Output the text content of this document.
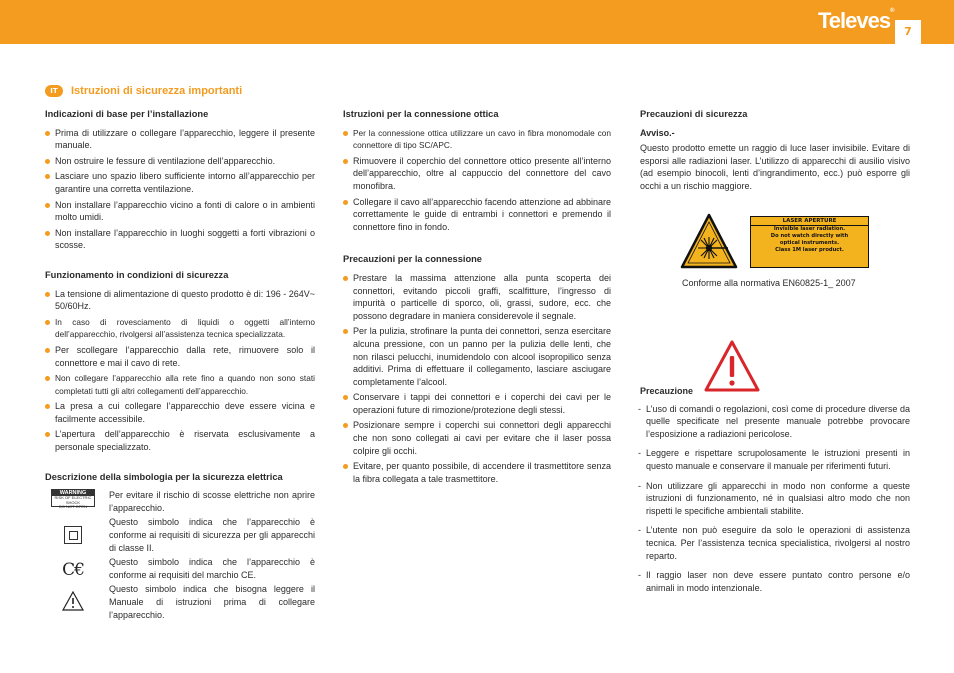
Televes®
7
IT	Istruzioni di sicurezza importanti
Indicazioni di base per l’installazione
Prima di utilizzare o collegare l’apparecchio, leggere il presente manuale.
Non ostruire le fessure di ventilazione dell’apparecchio.
Lasciare uno spazio libero sufficiente intorno all’apparecchio per garantire una corretta ventilazione.
Non installare l’apparecchio vicino a fonti di calore o in ambienti molto umidi.
Non installare l’apparecchio in luoghi soggetti a forti vibrazioni o scosse.
Funzionamento in condizioni di sicurezza
La tensione di alimentazione di questo prodotto è di: 196 - 264V~ 50/60Hz.
In caso di rovesciamento di liquidi o oggetti all’interno dell’apparecchio, rivolgersi all’assistenza tecnica specializzata.
Per scollegare l’apparecchio dalla rete, rimuovere solo il connettore e mai il cavo di rete.
Non collegare l’apparecchio alla rete fino a quando non sono stati completati tutti gli altri collegamenti dell’apparecchio.
La presa a cui collegare l’apparecchio deve essere vicina e facilmente accessibile.
L’apertura dell’apparecchio è riservata esclusivamente a personale specializzato.
Descrizione della simbologia per la sicurezza elettrica
WARNING
RISK OF ELECTRIC SHOCK
DO NOT OPEN
Per evitare il rischio di scosse elettriche non aprire l’apparecchio.
Questo simbolo indica che l’apparecchio è conforme ai requisiti di sicurezza per gli apparecchi di classe II.
C€	Questo simbolo indica che l’apparecchio è conforme ai requisiti del marchio CE.
Questo simbolo indica che bisogna leggere il Manuale di istruzioni prima di collegare l’apparecchio.
Istruzioni per la connessione ottica
Per la connessione ottica utilizzare un cavo in fibra monomodale con connettore di tipo SC/APC.
Rimuovere il coperchio del connettore ottico presente all’interno dell’apparecchio, oltre al cappuccio del connettore del cavo monofibra.
Collegare il cavo all’apparecchio facendo attenzione ad abbinare correttamente le guide di entrambi i connettori e premendo il connettore fino in fondo.
Precauzioni per la connessione
Prestare la massima attenzione alla punta scoperta dei connettori, evitando piccoli graffi, scalfitture, l’ingresso di impurità o particelle di sporco, oli, grassi, sudore, ecc. che possono degradare in maniera considerevole il segnale.
Per la pulizia, strofinare la punta dei connettori, senza esercitare alcuna pressione, con un panno per la pulizia delle lenti, che non rilasci pelucchi, inumidendolo con alcool isopropilico senza additivi. Prima di effettuare il collegamento, lasciare asciugare completamente l’alcool.
Conservare i tappi dei connettori e i coperchi dei cavi per le operazioni future di rimozione/protezione degli stessi.
Posizionare sempre i coperchi sui connettori degli apparecchi che non sono collegati ai cavi per evitare che il laser possa colpire gli occhi.
Evitare, per quanto possibile, di accendere il trasmettitore senza la fibra collegata a tale trasmettitore.
Precauzioni di sicurezza
Avviso.-
Questo prodotto emette un raggio di luce laser invisibile. Evitare di esporsi alle radiazioni laser. L’utilizzo di apparecchi di ausilio visivo (ad esempio binocoli, lenti d’ingrandimento, ecc.) può esporre gli occhi a un rischio maggiore.
LASER APERTURE
Invisible laser radiation.
Do not watch directly with
optical instruments.
Class 1M laser product.
Conforme alla normativa EN60825-1_ 2007
Precauzione
- L’uso di comandi o regolazioni, così come di procedure diverse da quelle specificate nel presente manuale potrebbe provocare l’esposizione a radiazioni pericolose.
- Leggere e rispettare scrupolosamente le istruzioni presenti in questo manuale e conservare il manuale per riferimenti futuri.
- Non utilizzare gli apparecchi in modo non conforme a queste istruzioni di funzionamento, né in qualsiasi altro modo che non rispetti le specifiche ambientali stabilite.
- L’utente non può eseguire da solo le operazioni di assistenza tecnica. Per l’assistenza tecnica specialistica, rivolgersi al nostro reparto.
- Il raggio laser non deve essere puntato contro persone e/o animali in modo intenzionale.
